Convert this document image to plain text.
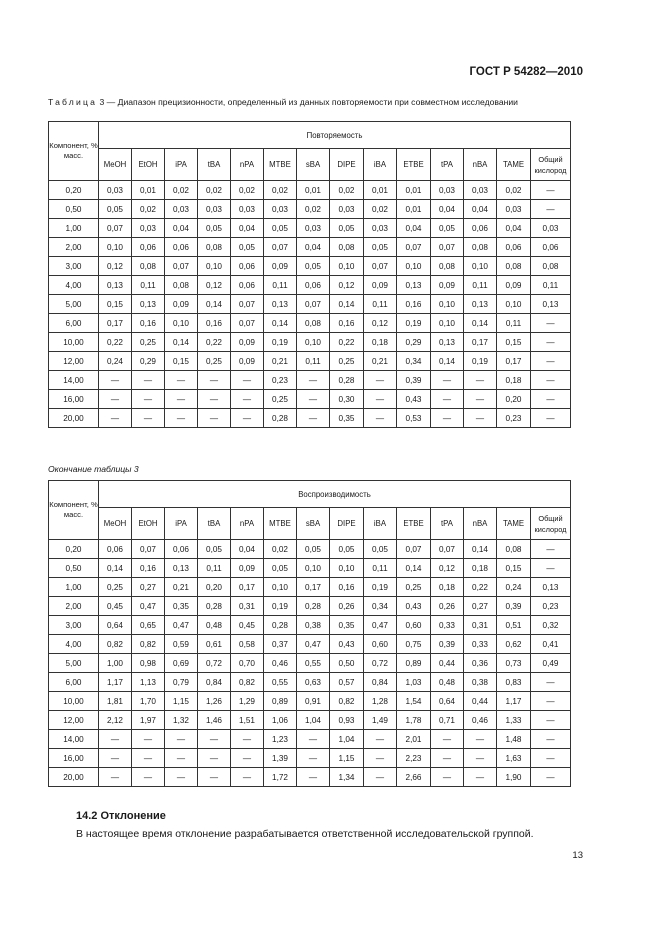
ГОСТ Р 54282—2010
Таблица 3 — Диапазон прецизионности, определенный из данных повторяемости при совместном исследовании
Компонент, % масс.	Повторяемость													
	MeOH	EtOH	iPA	tBA	nPA	MTBE	sBA	DIPE	iBA	ETBE	tPA	nBA	TAME	Общий кислород
0,20	0,03	0,01	0,02	0,02	0,02	0,02	0,01	0,02	0,01	0,01	0,03	0,03	0,02	—
0,50	0,05	0,02	0,03	0,03	0,03	0,03	0,02	0,03	0,02	0,01	0,04	0,04	0,03	—
1,00	0,07	0,03	0,04	0,05	0,04	0,05	0,03	0,05	0,03	0,04	0,05	0,06	0,04	0,03
2,00	0,10	0,06	0,06	0,08	0,05	0,07	0,04	0,08	0,05	0,07	0,07	0,08	0,06	0,06
3,00	0,12	0,08	0,07	0,10	0,06	0,09	0,05	0,10	0,07	0,10	0,08	0,10	0,08	0,08
4,00	0,13	0,11	0,08	0,12	0,06	0,11	0,06	0,12	0,09	0,13	0,09	0,11	0,09	0,11
5,00	0,15	0,13	0,09	0,14	0,07	0,13	0,07	0,14	0,11	0,16	0,10	0,13	0,10	0,13
6,00	0,17	0,16	0,10	0,16	0,07	0,14	0,08	0,16	0,12	0,19	0,10	0,14	0,11	—
10,00	0,22	0,25	0,14	0,22	0,09	0,19	0,10	0,22	0,18	0,29	0,13	0,17	0,15	—
12,00	0,24	0,29	0,15	0,25	0,09	0,21	0,11	0,25	0,21	0,34	0,14	0,19	0,17	—
14,00	—	—	—	—	—	0,23	—	0,28	—	0,39	—	—	0,18	—
16,00	—	—	—	—	—	0,25	—	0,30	—	0,43	—	—	0,20	—
20,00	—	—	—	—	—	0,28	—	0,35	—	0,53	—	—	0,23	—
Окончание таблицы 3
Компонент, % масс.	Воспроизводимость													
	MeOH	EtOH	iPA	tBA	nPA	MTBE	sBA	DIPE	iBA	ETBE	tPA	nBA	TAME	Общий кислород
0,20	0,06	0,07	0,06	0,05	0,04	0,02	0,05	0,05	0,05	0,07	0,07	0,14	0,08	—
0,50	0,14	0,16	0,13	0,11	0,09	0,05	0,10	0,10	0,11	0,14	0,12	0,18	0,15	—
1,00	0,25	0,27	0,21	0,20	0,17	0,10	0,17	0,16	0,19	0,25	0,18	0,22	0,24	0,13
2,00	0,45	0,47	0,35	0,28	0,31	0,19	0,28	0,26	0,34	0,43	0,26	0,27	0,39	0,23
3,00	0,64	0,65	0,47	0,48	0,45	0,28	0,38	0,35	0,47	0,60	0,33	0,31	0,51	0,32
4,00	0,82	0,82	0,59	0,61	0,58	0,37	0,47	0,43	0,60	0,75	0,39	0,33	0,62	0,41
5,00	1,00	0,98	0,69	0,72	0,70	0,46	0,55	0,50	0,72	0,89	0,44	0,36	0,73	0,49
6,00	1,17	1,13	0,79	0,84	0,82	0,55	0,63	0,57	0,84	1,03	0,48	0,38	0,83	—
10,00	1,81	1,70	1,15	1,26	1,29	0,89	0,91	0,82	1,28	1,54	0,64	0,44	1,17	—
12,00	2,12	1,97	1,32	1,46	1,51	1,06	1,04	0,93	1,49	1,78	0,71	0,46	1,33	—
14,00	—	—	—	—	—	1,23	—	1,04	—	2,01	—	—	1,48	—
16,00	—	—	—	—	—	1,39	—	1,15	—	2,23	—	—	1,63	—
20,00	—	—	—	—	—	1,72	—	1,34	—	2,66	—	—	1,90	—
14.2 Отклонение
В настоящее время отклонение разрабатывается ответственной исследовательской группой.
13
